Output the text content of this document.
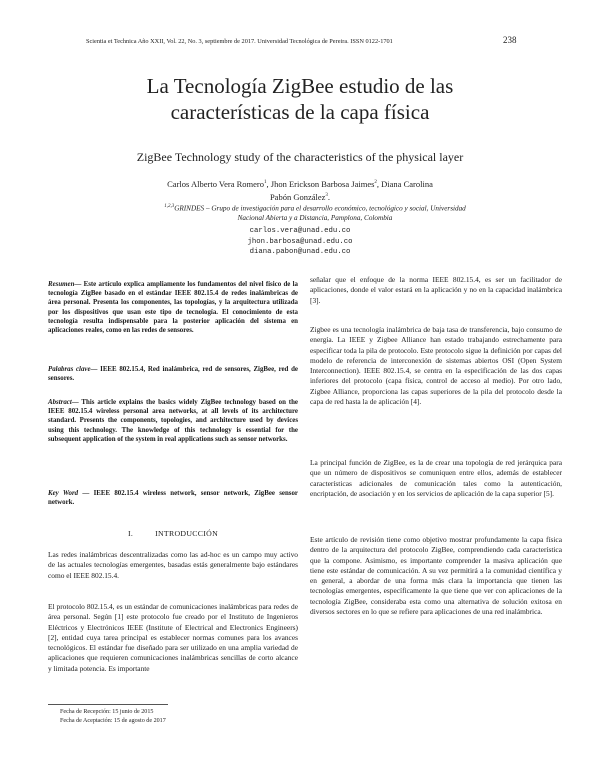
Scientia et Technica Año XXII, Vol. 22, No. 3, septiembre de 2017. Universidad Tecnológica de Pereira. ISSN 0122-1701	238
La Tecnología ZigBee estudio de las
características de la capa física
ZigBee Technology study of the characteristics of the physical layer
Carlos Alberto Vera Romero$^1$, Jhon Erickson Barbosa Jaimes$^2$, Diana Carolina
Pabón González$^3$.
$^{1,2,3}$GRINDES – Grupo de investigación para el desarrollo económico, tecnológico y social, Universidad
Nacional Abierta y a Distancia, Pamplona, Colombia
carlos.vera@unad.edu.co
jhon.barbosa@unad.edu.co
diana.pabon@unad.edu.co
Resumen— Este artículo explica ampliamente los fundamentos del nivel físico de la tecnología ZigBee basado en el estándar IEEE 802.15.4 de redes inalámbricas de área personal. Presenta los componentes, las topologías, y la arquitectura utilizada por los dispositivos que usan este tipo de tecnología. El conocimiento de esta tecnología resulta indispensable para la posterior aplicación del sistema en aplicaciones reales, como en las redes de sensores.
Palabras clave— IEEE 802.15.4, Red inalámbrica, red de sensores, ZigBee, red de sensores.
Abstract— This article explains the basics widely ZigBee technology based on the IEEE 802.15.4 wireless personal area networks, at all levels of its architecture standard. Presents the components, topologies, and architecture used by devices using this technology. The knowledge of this technology is essential for the subsequent application of the system in real applications such as sensor networks.
Key Word — IEEE 802.15.4 wireless network, sensor network, ZigBee sensor network.
I.	INTRODUCCIÓN
Las redes inalámbricas descentralizadas como las ad-hoc es un campo muy activo de las actuales tecnologías emergentes, basadas estás generalmente bajo estándares como el IEEE 802.15.4.
El protocolo 802.15.4, es un estándar de comunicaciones inalámbricas para redes de área personal. Según [1] este protocolo fue creado por el Instituto de Ingenieros Eléctricos y Electrónicos IEEE (Institute of Electrical and Electronics Engineers) [2], entidad cuya tarea principal es establecer normas comunes para los avances tecnológicos. El estándar fue diseñado para ser utilizado en una amplia variedad de aplicaciones que requieren comunicaciones inalámbricas sencillas de corto alcance y limitada potencia. Es importante
señalar que el enfoque de la norma IEEE 802.15.4, es ser un facilitador de aplicaciones, donde el valor estará en la aplicación y no en la capacidad inalámbrica [3].
Zigbee es una tecnología inalámbrica de baja tasa de transferencia, bajo consumo de energía. La IEEE y Zigbee Alliance han estado trabajando estrechamente para especificar toda la pila de protocolo. Este protocolo sigue la definición por capas del modelo de referencia de interconexión de sistemas abiertos OSI (Open System Interconnection). IEEE 802.15.4, se centra en la especificación de las dos capas inferiores del protocolo (capa física, control de acceso al medio). Por otro lado, Zigbee Alliance, proporciona las capas superiores de la pila del protocolo desde la capa de red hasta la de aplicación [4].
La principal función de ZigBee, es la de crear una topología de red jerárquica para que un número de dispositivos se comuniquen entre ellos, además de establecer características adicionales de comunicación tales como la autenticación, encriptación, de asociación y en los servicios de aplicación de la capa superior [5].
Este artículo de revisión tiene como objetivo mostrar profundamente la capa física dentro de la arquitectura del protocolo ZigBee, comprendiendo cada característica que la compone. Asimismo, es importante comprender la masiva aplicación que tiene este estándar de comunicación. A su vez permitirá a la comunidad científica y en general, a abordar de una forma más clara la importancia que tienen las tecnologías emergentes, específicamente la que tiene que ver con aplicaciones de la tecnología ZigBee, consideraba esta como una alternativa de solución exitosa en diversos sectores en lo que se refiere para aplicaciones de una red inalámbrica.
Fecha de Recepción: 15 junio de 2015
Fecha de Aceptación: 15 de agosto de 2017
